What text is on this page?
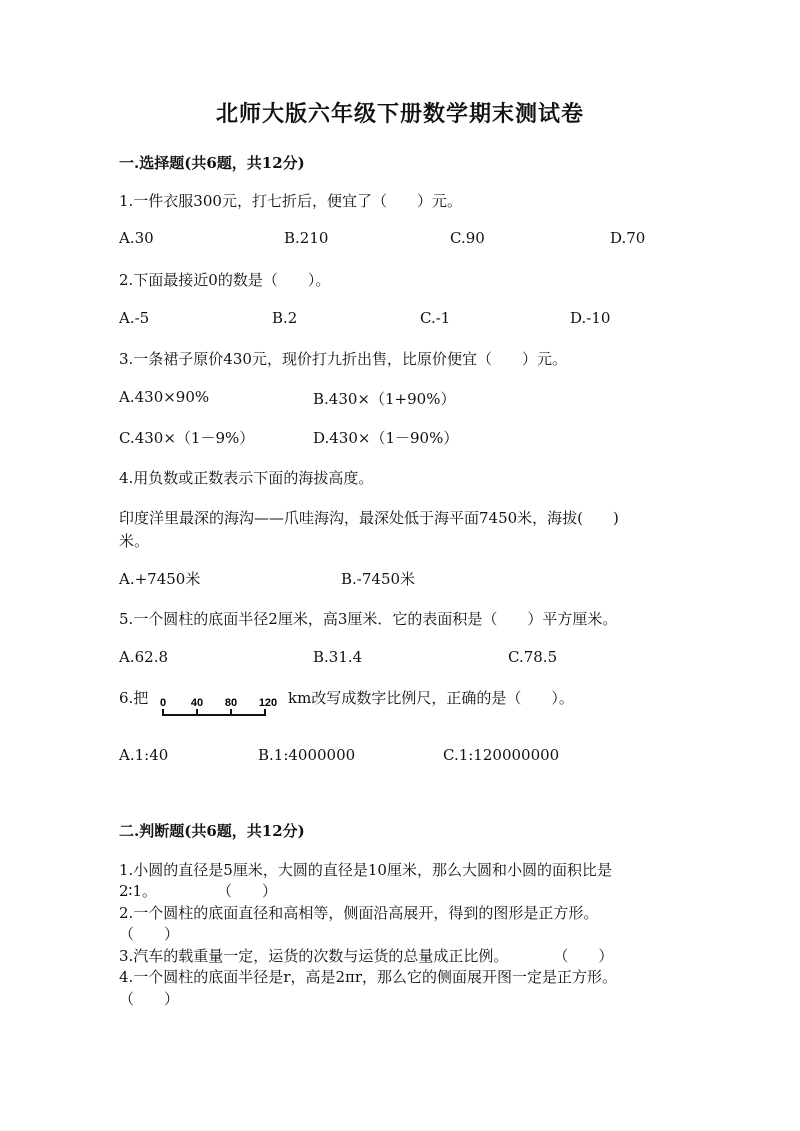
北师大版六年级下册数学期末测试卷
一.选择题(共6题，共12分)
1.一件衣服300元，打七折后，便宜了（　　）元。
A.30	B.210	C.90	D.70
2.下面最接近0的数是（　　）。
A.-5	B.2	C.-1	D.-10
3.一条裙子原价430元，现价打九折出售，比原价便宜（　　）元。
A.430×90%	B.430×（1+90%）
C.430×（1－9%）	D.430×（1－90%）
4.用负数或正数表示下面的海拔高度。
印度洋里最深的海沟——爪哇海沟，最深处低于海平面7450米，海拔(　　)
米。
A.+7450米	B.-7450米
5.一个圆柱的底面半径2厘米，高3厘米．它的表面积是（　　）平方厘米。
A.62.8	B.31.4	C.78.5
6.把 0 40 80 120 km改写成数字比例尺，正确的是（　　）。
A.1:40	B.1:4000000	C.1:120000000
二.判断题(共6题，共12分)
1.小圆的直径是5厘米，大圆的直径是10厘米，那么大圆和小圆的面积比是
2∶1。　　　　　（　　）
2.一个圆柱的底面直径和高相等，侧面沿高展开，得到的图形是正方形。
（　　）
3.汽车的载重量一定，运货的次数与运货的总量成正比例。　　　　（　　）
4.一个圆柱的底面半径是r，高是2πr，那么它的侧面展开图一定是正方形。
（　　）
